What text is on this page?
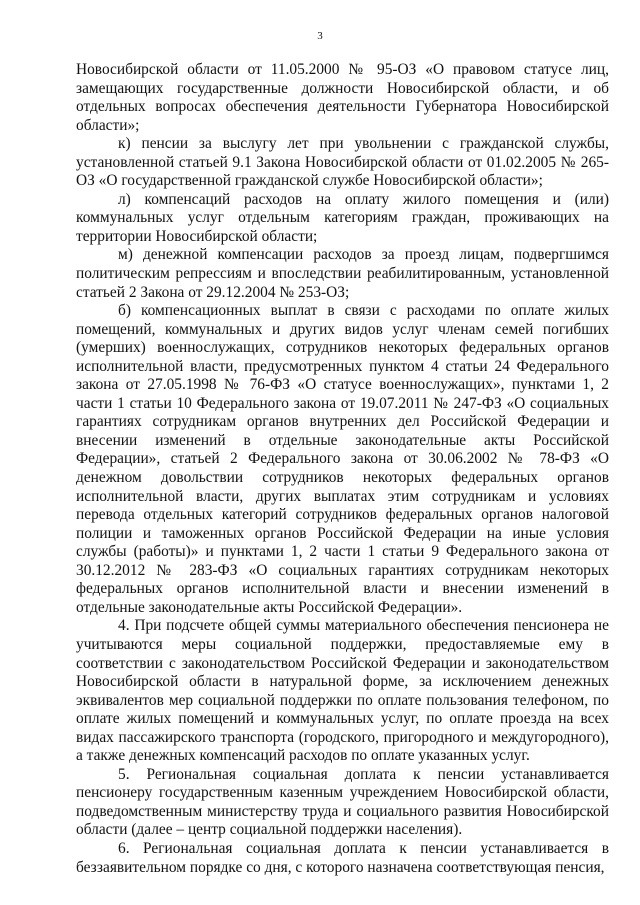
3

Новосибирской области от 11.05.2000 № 95-ОЗ «О правовом статусе лиц, замещающих государственные должности Новосибирской области, и об отдельных вопросах обеспечения деятельности Губернатора Новосибирской области»;

к) пенсии за выслугу лет при увольнении с гражданской службы, установленной статьей 9.1 Закона Новосибирской области от 01.02.2005 № 265-ОЗ «О государственной гражданской службе Новосибирской области»;

л) компенсаций расходов на оплату жилого помещения и (или) коммунальных услуг отдельным категориям граждан, проживающих на территории Новосибирской области;

м) денежной компенсации расходов за проезд лицам, подвергшимся политическим репрессиям и впоследствии реабилитированным, установленной статьей 2 Закона от 29.12.2004 № 253-ОЗ;

б) компенсационных выплат в связи с расходами по оплате жилых помещений, коммунальных и других видов услуг членам семей погибших (умерших) военнослужащих, сотрудников некоторых федеральных органов исполнительной власти, предусмотренных пунктом 4 статьи 24 Федерального закона от 27.05.1998 № 76-ФЗ «О статусе военнослужащих», пунктами 1, 2 части 1 статьи 10 Федерального закона от 19.07.2011 № 247-ФЗ «О социальных гарантиях сотрудникам органов внутренних дел Российской Федерации и внесении изменений в отдельные законодательные акты Российской Федерации», статьей 2 Федерального закона от 30.06.2002 № 78-ФЗ «О денежном довольствии сотрудников некоторых федеральных органов исполнительной власти, других выплатах этим сотрудникам и условиях перевода отдельных категорий сотрудников федеральных органов налоговой полиции и таможенных органов Российской Федерации на иные условия службы (работы)» и пунктами 1, 2 части 1 статьи 9 Федерального закона от 30.12.2012 № 283-ФЗ «О социальных гарантиях сотрудникам некоторых федеральных органов исполнительной власти и внесении изменений в отдельные законодательные акты Российской Федерации».

4. При подсчете общей суммы материального обеспечения пенсионера не учитываются меры социальной поддержки, предоставляемые ему в соответствии с законодательством Российской Федерации и законодательством Новосибирской области в натуральной форме, за исключением денежных эквивалентов мер социальной поддержки по оплате пользования телефоном, по оплате жилых помещений и коммунальных услуг, по оплате проезда на всех видах пассажирского транспорта (городского, пригородного и междугородного), а также денежных компенсаций расходов по оплате указанных услуг.

5. Региональная социальная доплата к пенсии устанавливается пенсионеру государственным казенным учреждением Новосибирской области, подведомственным министерству труда и социального развития Новосибирской области (далее – центр социальной поддержки населения).

6. Региональная социальная доплата к пенсии устанавливается в беззаявительном порядке со дня, с которого назначена соответствующая пенсия,
